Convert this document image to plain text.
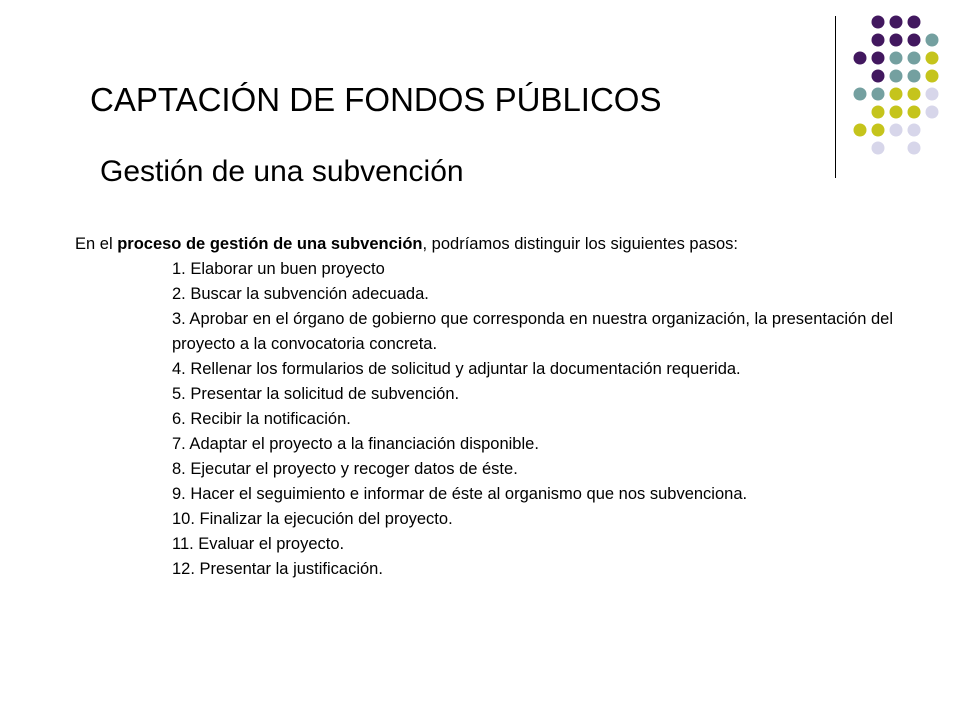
CAPTACIÓN DE FONDOS PÚBLICOS
Gestión de una subvención

En el proceso de gestión de una subvención, podríamos distinguir los siguientes pasos:

1. Elaborar un buen proyecto
2. Buscar la subvención adecuada.
3. Aprobar en el órgano de gobierno que corresponda en nuestra organización, la presentación del proyecto a la convocatoria concreta.
4. Rellenar los formularios de solicitud y adjuntar la documentación requerida.
5. Presentar la solicitud de subvención.
6. Recibir la notificación.
7. Adaptar el proyecto a la financiación disponible.
8. Ejecutar el proyecto y recoger datos de éste.
9. Hacer el seguimiento e informar de éste al organismo que nos subvenciona.
10. Finalizar la ejecución del proyecto.
11. Evaluar el proyecto.
12. Presentar la justificación.
